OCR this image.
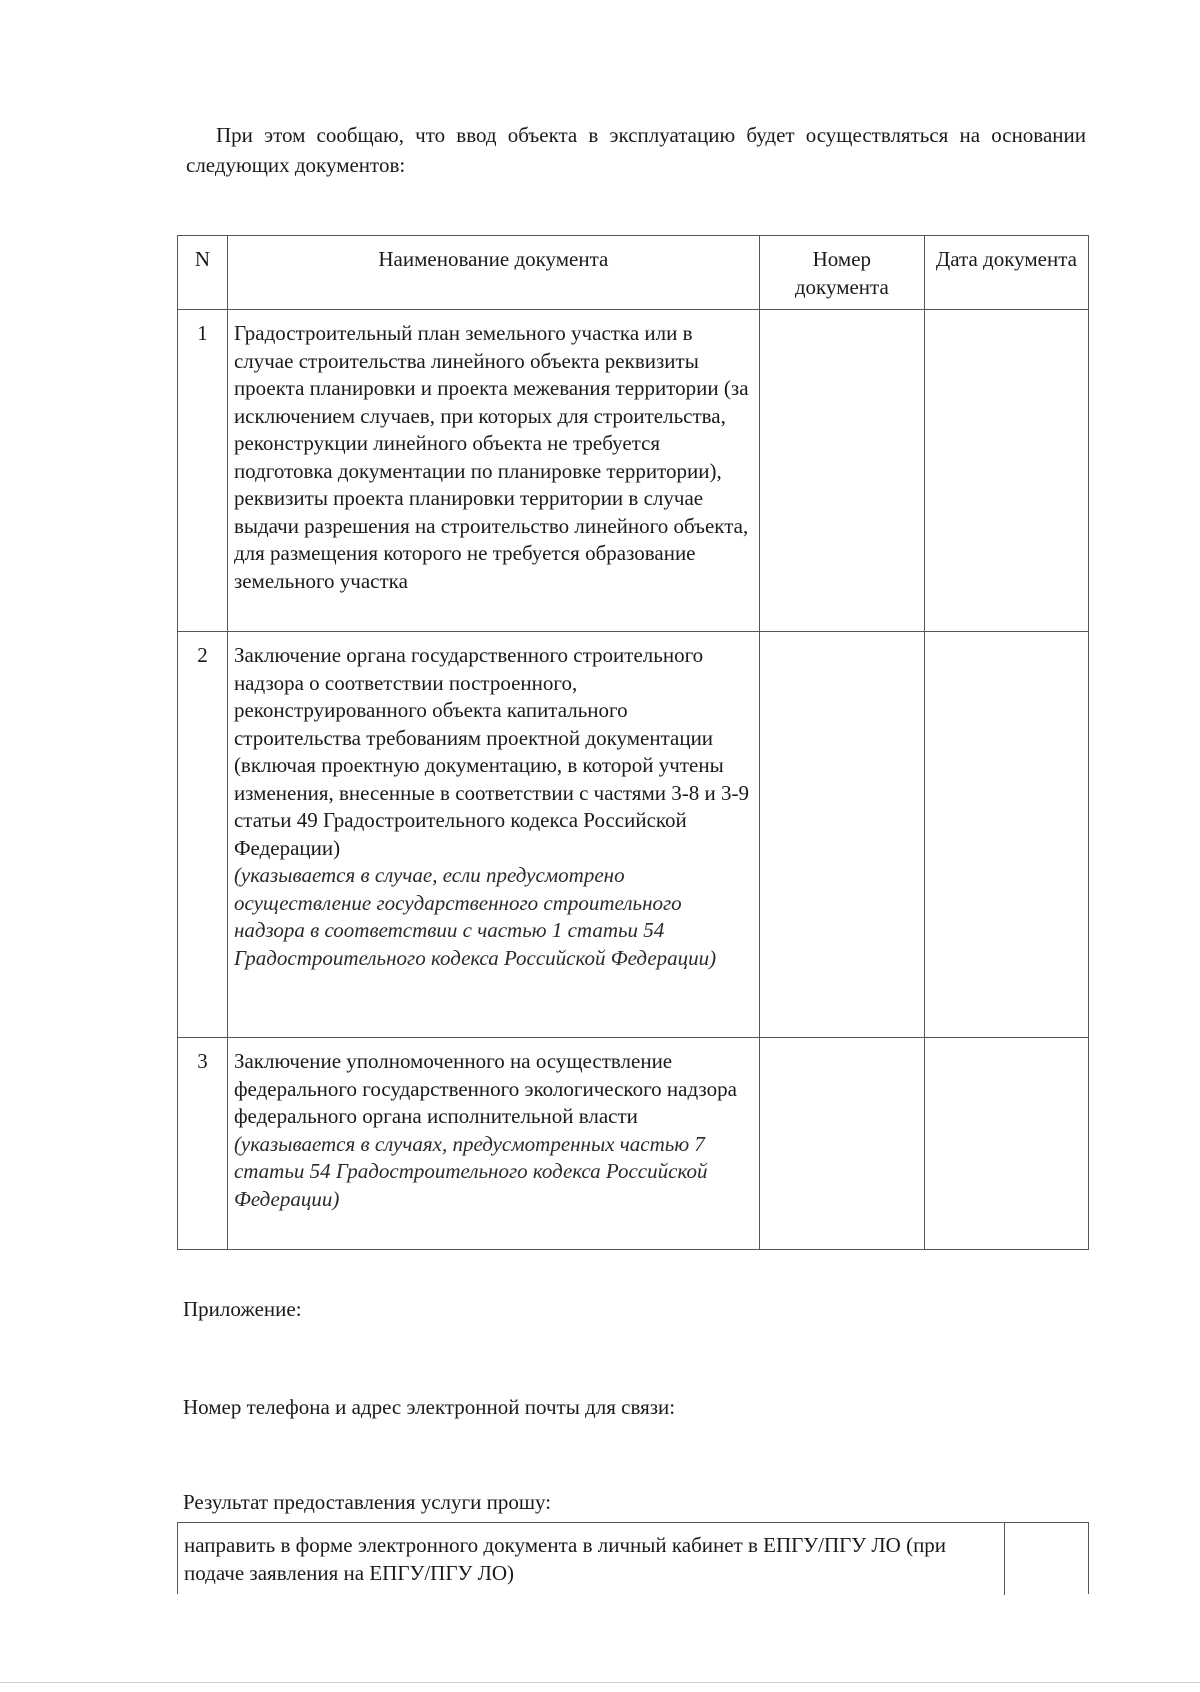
При этом сообщаю, что ввод объекта в эксплуатацию будет осуществляться на основании следующих документов:

N	Наименование документа	Номер документа	Дата документа
1	Градостроительный план земельного участка или в случае строительства линейного объекта реквизиты проекта планировки и проекта межевания территории (за исключением случаев, при которых для строительства, реконструкции линейного объекта не требуется подготовка документации по планировке территории), реквизиты проекта планировки территории в случае выдачи разрешения на строительство линейного объекта, для размещения которого не требуется образование земельного участка		
2	Заключение органа государственного строительного надзора о соответствии построенного, реконструированного объекта капитального строительства требованиям проектной документации (включая проектную документацию, в которой учтены изменения, внесенные в соответствии с частями 3-8 и 3-9 статьи 49 Градостроительного кодекса Российской Федерации)
(указывается в случае, если предусмотрено осуществление государственного строительного надзора в соответствии с частью 1 статьи 54 Градостроительного кодекса Российской Федерации)		
3	Заключение уполномоченного на осуществление федерального государственного экологического надзора федерального органа исполнительной власти
(указывается в случаях, предусмотренных частью 7 статьи 54 Градостроительного кодекса Российской Федерации)		

Приложение:

Номер телефона и адрес электронной почты для связи:

Результат предоставления услуги прошу:

направить в форме электронного документа в личный кабинет в ЕПГУ/ПГУ ЛО (при подаче заявления на ЕПГУ/ПГУ ЛО)
